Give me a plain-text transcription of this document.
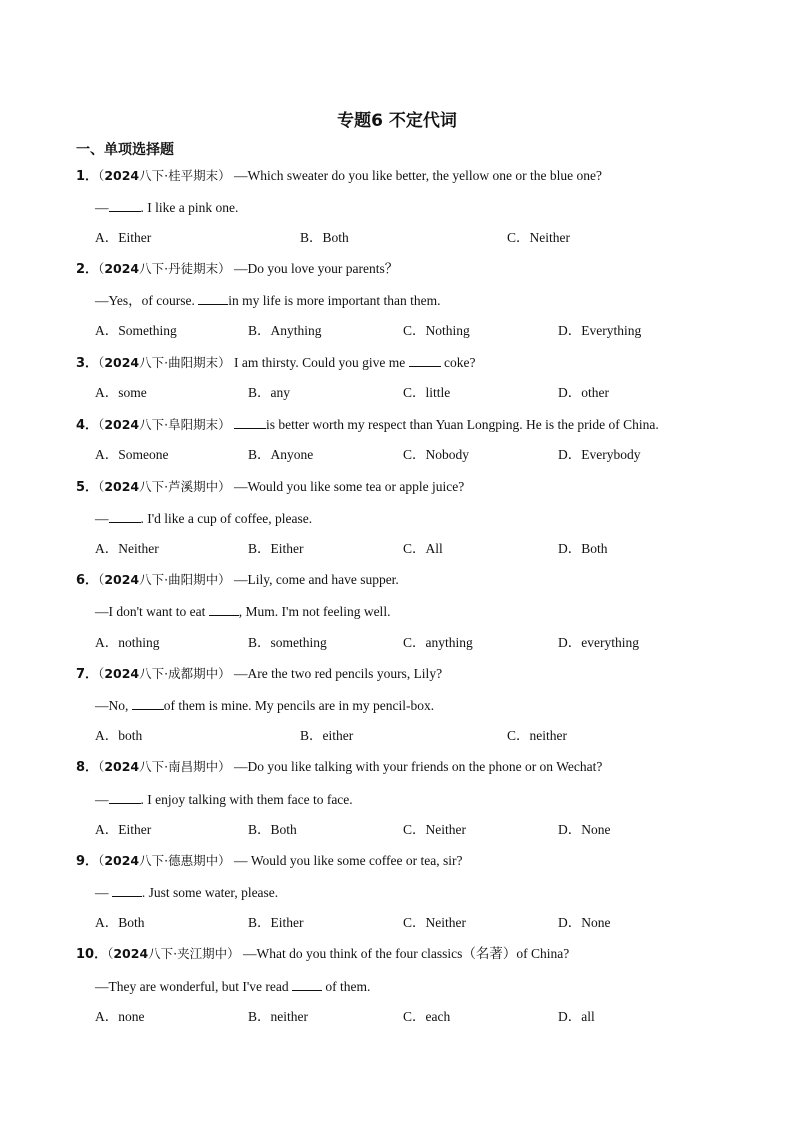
专题6 不定代词
一、单项选择题
1．（2024八下·桂平期末） —Which sweater do you like better, the yellow one or the blue one?
— . I like a pink one.
A．Either	B．Both	C．Neither
2．（2024八下·丹徒期末） —Do you love your parents？
—Yes，of course. in my life is more important than them.
A．Something	B．Anything	C．Nothing	D．Everything
3．（2024八下·曲阳期末） I am thirsty. Could you give me  coke?
A．some	B．any	C．little	D．other
4．（2024八下·阜阳期末）	is better worth my respect than Yuan Longping. He is the pride of China.
A．Someone	B．Anyone	C．Nobody	D．Everybody
5．（2024八下·芦溪期中） —Would you like some tea or apple juice?
— . I'd like a cup of coffee, please.
A．Neither	B．Either	C．All	D．Both
6．（2024八下·曲阳期中） —Lily, come and have supper.
—I don't want to eat , Mum. I'm not feeling well.
A．nothing	B．something	C．anything	D．everything
7．（2024八下·成都期中） —Are the two red pencils yours, Lily?
—No, of them is mine. My pencils are in my pencil-box.
A．both	B．either	C．neither
8．（2024八下·南昌期中） —Do you like talking with your friends on the phone or on Wechat?
— . I enjoy talking with them face to face.
A．Either	B．Both	C．Neither	D．None
9．（2024八下·德惠期中） — Would you like some coffee or tea, sir?
— . Just some water, please.
A．Both	B．Either	C．Neither	D．None
10．（2024八下·夹江期中） —What do you think of the four classics（名著）of China?
—They are wonderful, but I've read  of them.
A．none	B．neither	C．each	D．all
